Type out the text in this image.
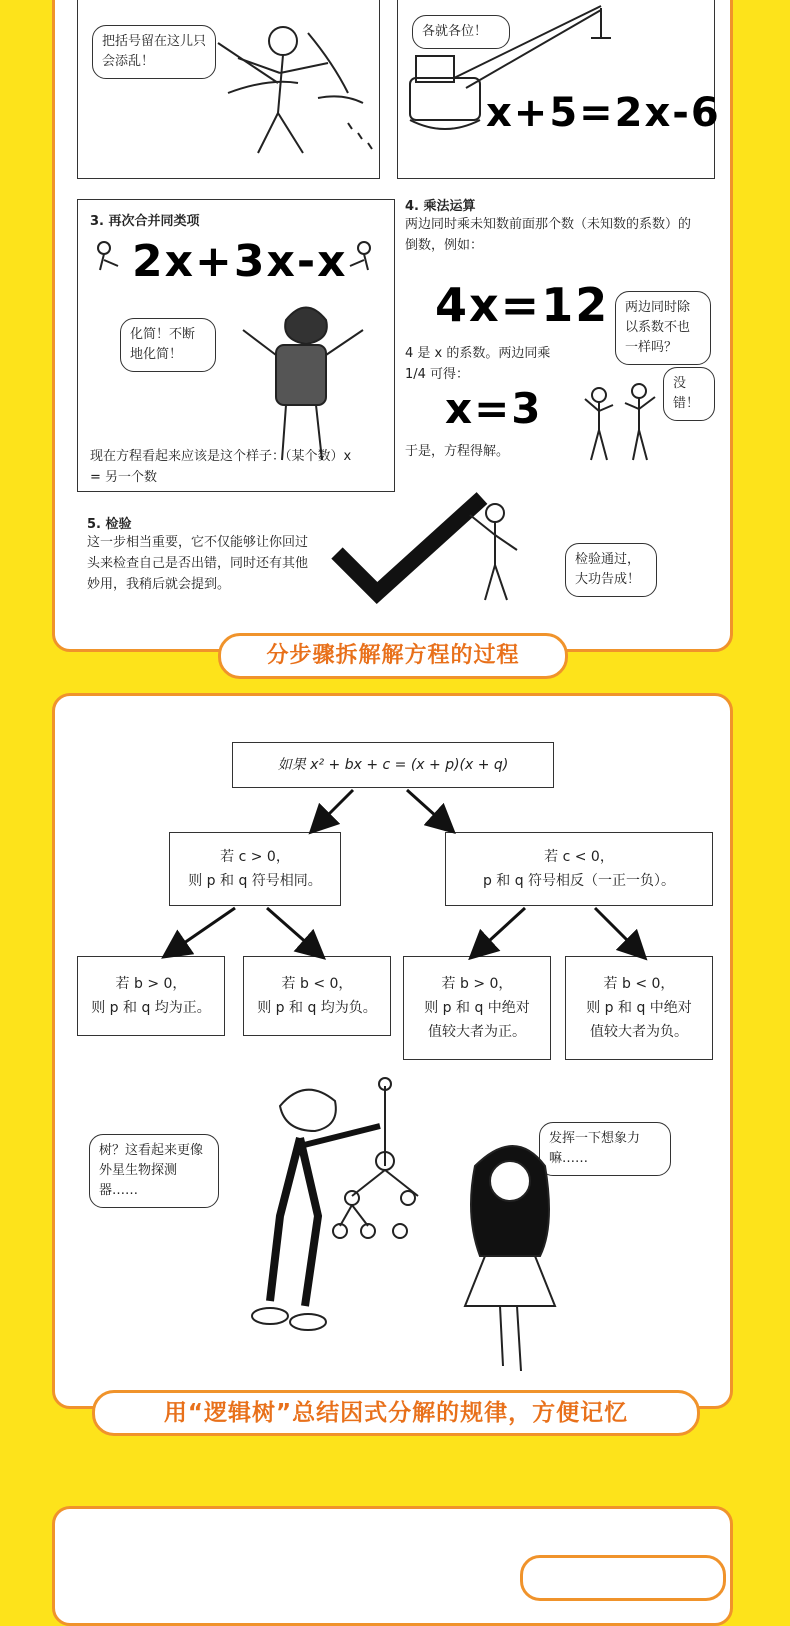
把括号留在这儿只会添乱！
各就各位！
x+5=2x-6
3. 再次合并同类项
2x+3x-x
化简！不断地化简！
现在方程看起来应该是这个样子：（某个数）x = 另一个数
4. 乘法运算
两边同时乘未知数前面那个数（未知数的系数）的倒数，例如：
4x=12
4 是 x 的系数。两边同乘 1/4 可得：
x=3
于是，方程得解。
两边同时除以系数不也一样吗？
没错！
5. 检验
这一步相当重要，它不仅能够让你回过头来检查自己是否出错，同时还有其他妙用，我稍后就会提到。
检验通过，大功告成！
分步骤拆解解方程的过程
如果 x² + bx + c = (x + p)(x + q)
若 c > 0，
则 p 和 q 符号相同。
若 c < 0，
p 和 q 符号相反（一正一负）。
若 b > 0，
则 p 和 q 均为正。
若 b < 0，
则 p 和 q 均为负。
若 b > 0，
则 p 和 q 中绝对
值较大者为正。
若 b < 0，
则 p 和 q 中绝对
值较大者为负。
树？这看起来更像外星生物探测器……
发挥一下想象力嘛……
用“逻辑树”总结因式分解的规律，方便记忆
